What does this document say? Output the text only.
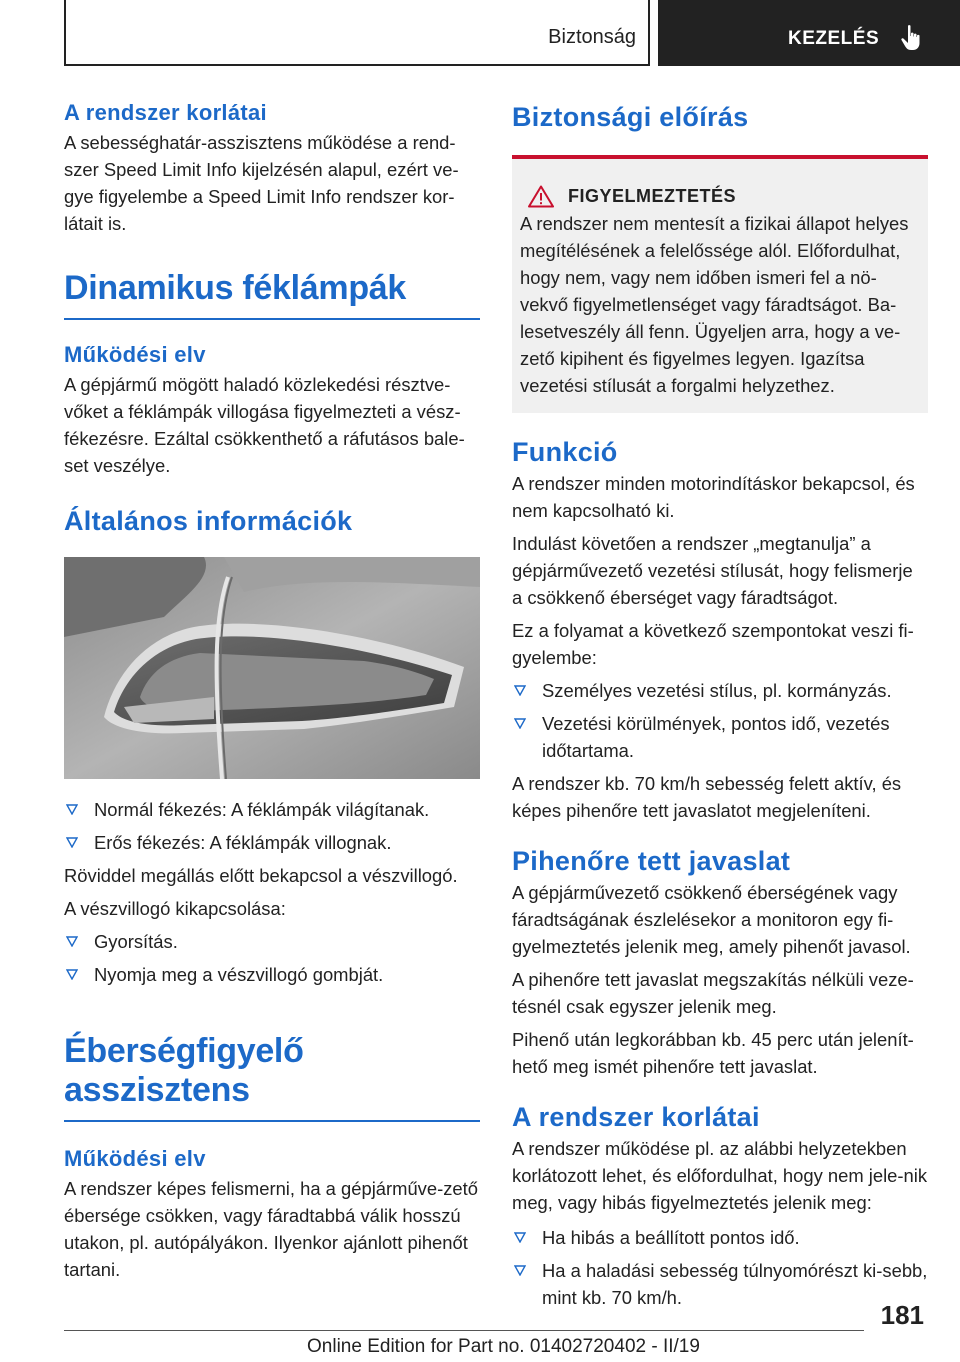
Biztonság	KEZELÉS
A rendszer korlátai
A sebességhatár-asszisztens működése a rend-szer Speed Limit Info kijelzésén alapul, ezért ve-gye figyelembe a Speed Limit Info rendszer kor-látait is.
Dinamikus féklámpák
Működési elv
A gépjármű mögött haladó közlekedési résztve-vőket a féklámpák villogása figyelmezteti a vész-fékezésre. Ezáltal csökkenthető a ráfutásos bale-set veszélye.
Általános információk
Normál fékezés: A féklámpák világítanak.
Erős fékezés: A féklámpák villognak.
Röviddel megállás előtt bekapcsol a vészvillogó.
A vészvillogó kikapcsolása:
Gyorsítás.
Nyomja meg a vészvillogó gombját.
Éberségfigyelő asszisztens
Működési elv
A rendszer képes felismerni, ha a gépjárműve-zető ébersége csökken, vagy fáradtabbá válik hosszú utakon, pl. autópályákon. Ilyenkor ajánlott pihenőt tartani.
Biztonsági előírás
FIGYELMEZTETÉS
A rendszer nem mentesít a fizikai állapot helyes megítélésének a felelőssége alól. Előfordulhat, hogy nem, vagy nem időben ismeri fel a nö-vekvő figyelmetlenséget vagy fáradtságot. Ba-lesetveszély áll fenn. Ügyeljen arra, hogy a ve-zető kipihent és figyelmes legyen. Igazítsa vezetési stílusát a forgalmi helyzethez.
Funkció
A rendszer minden motorindításkor bekapcsol, és nem kapcsolható ki.
Indulást követően a rendszer „megtanulja” a gépjárművezető vezetési stílusát, hogy felismerje a csökkenő éberséget vagy fáradtságot.
Ez a folyamat a következő szempontokat veszi fi-gyelembe:
Személyes vezetési stílus, pl. kormányzás.
Vezetési körülmények, pontos idő, vezetés időtartama.
A rendszer kb. 70 km/h sebesség felett aktív, és képes pihenőre tett javaslatot megjeleníteni.
Pihenőre tett javaslat
A gépjárművezető csökkenő éberségének vagy fáradtságának észlelésekor a monitoron egy fi-gyelmeztetés jelenik meg, amely pihenőt javasol.
A pihenőre tett javaslat megszakítás nélküli veze-tésnél csak egyszer jelenik meg.
Pihenő után legkorábban kb. 45 perc után jelenít-hető meg ismét pihenőre tett javaslat.
A rendszer korlátai
A rendszer működése pl. az alábbi helyzetekben korlátozott lehet, és előfordulhat, hogy nem jele-nik meg, vagy hibás figyelmeztetés jelenik meg:
Ha hibás a beállított pontos idő.
Ha a haladási sebesség túlnyomórészt ki-sebb, mint kb. 70 km/h.
181
Online Edition for Part no. 01402720402 - II/19
